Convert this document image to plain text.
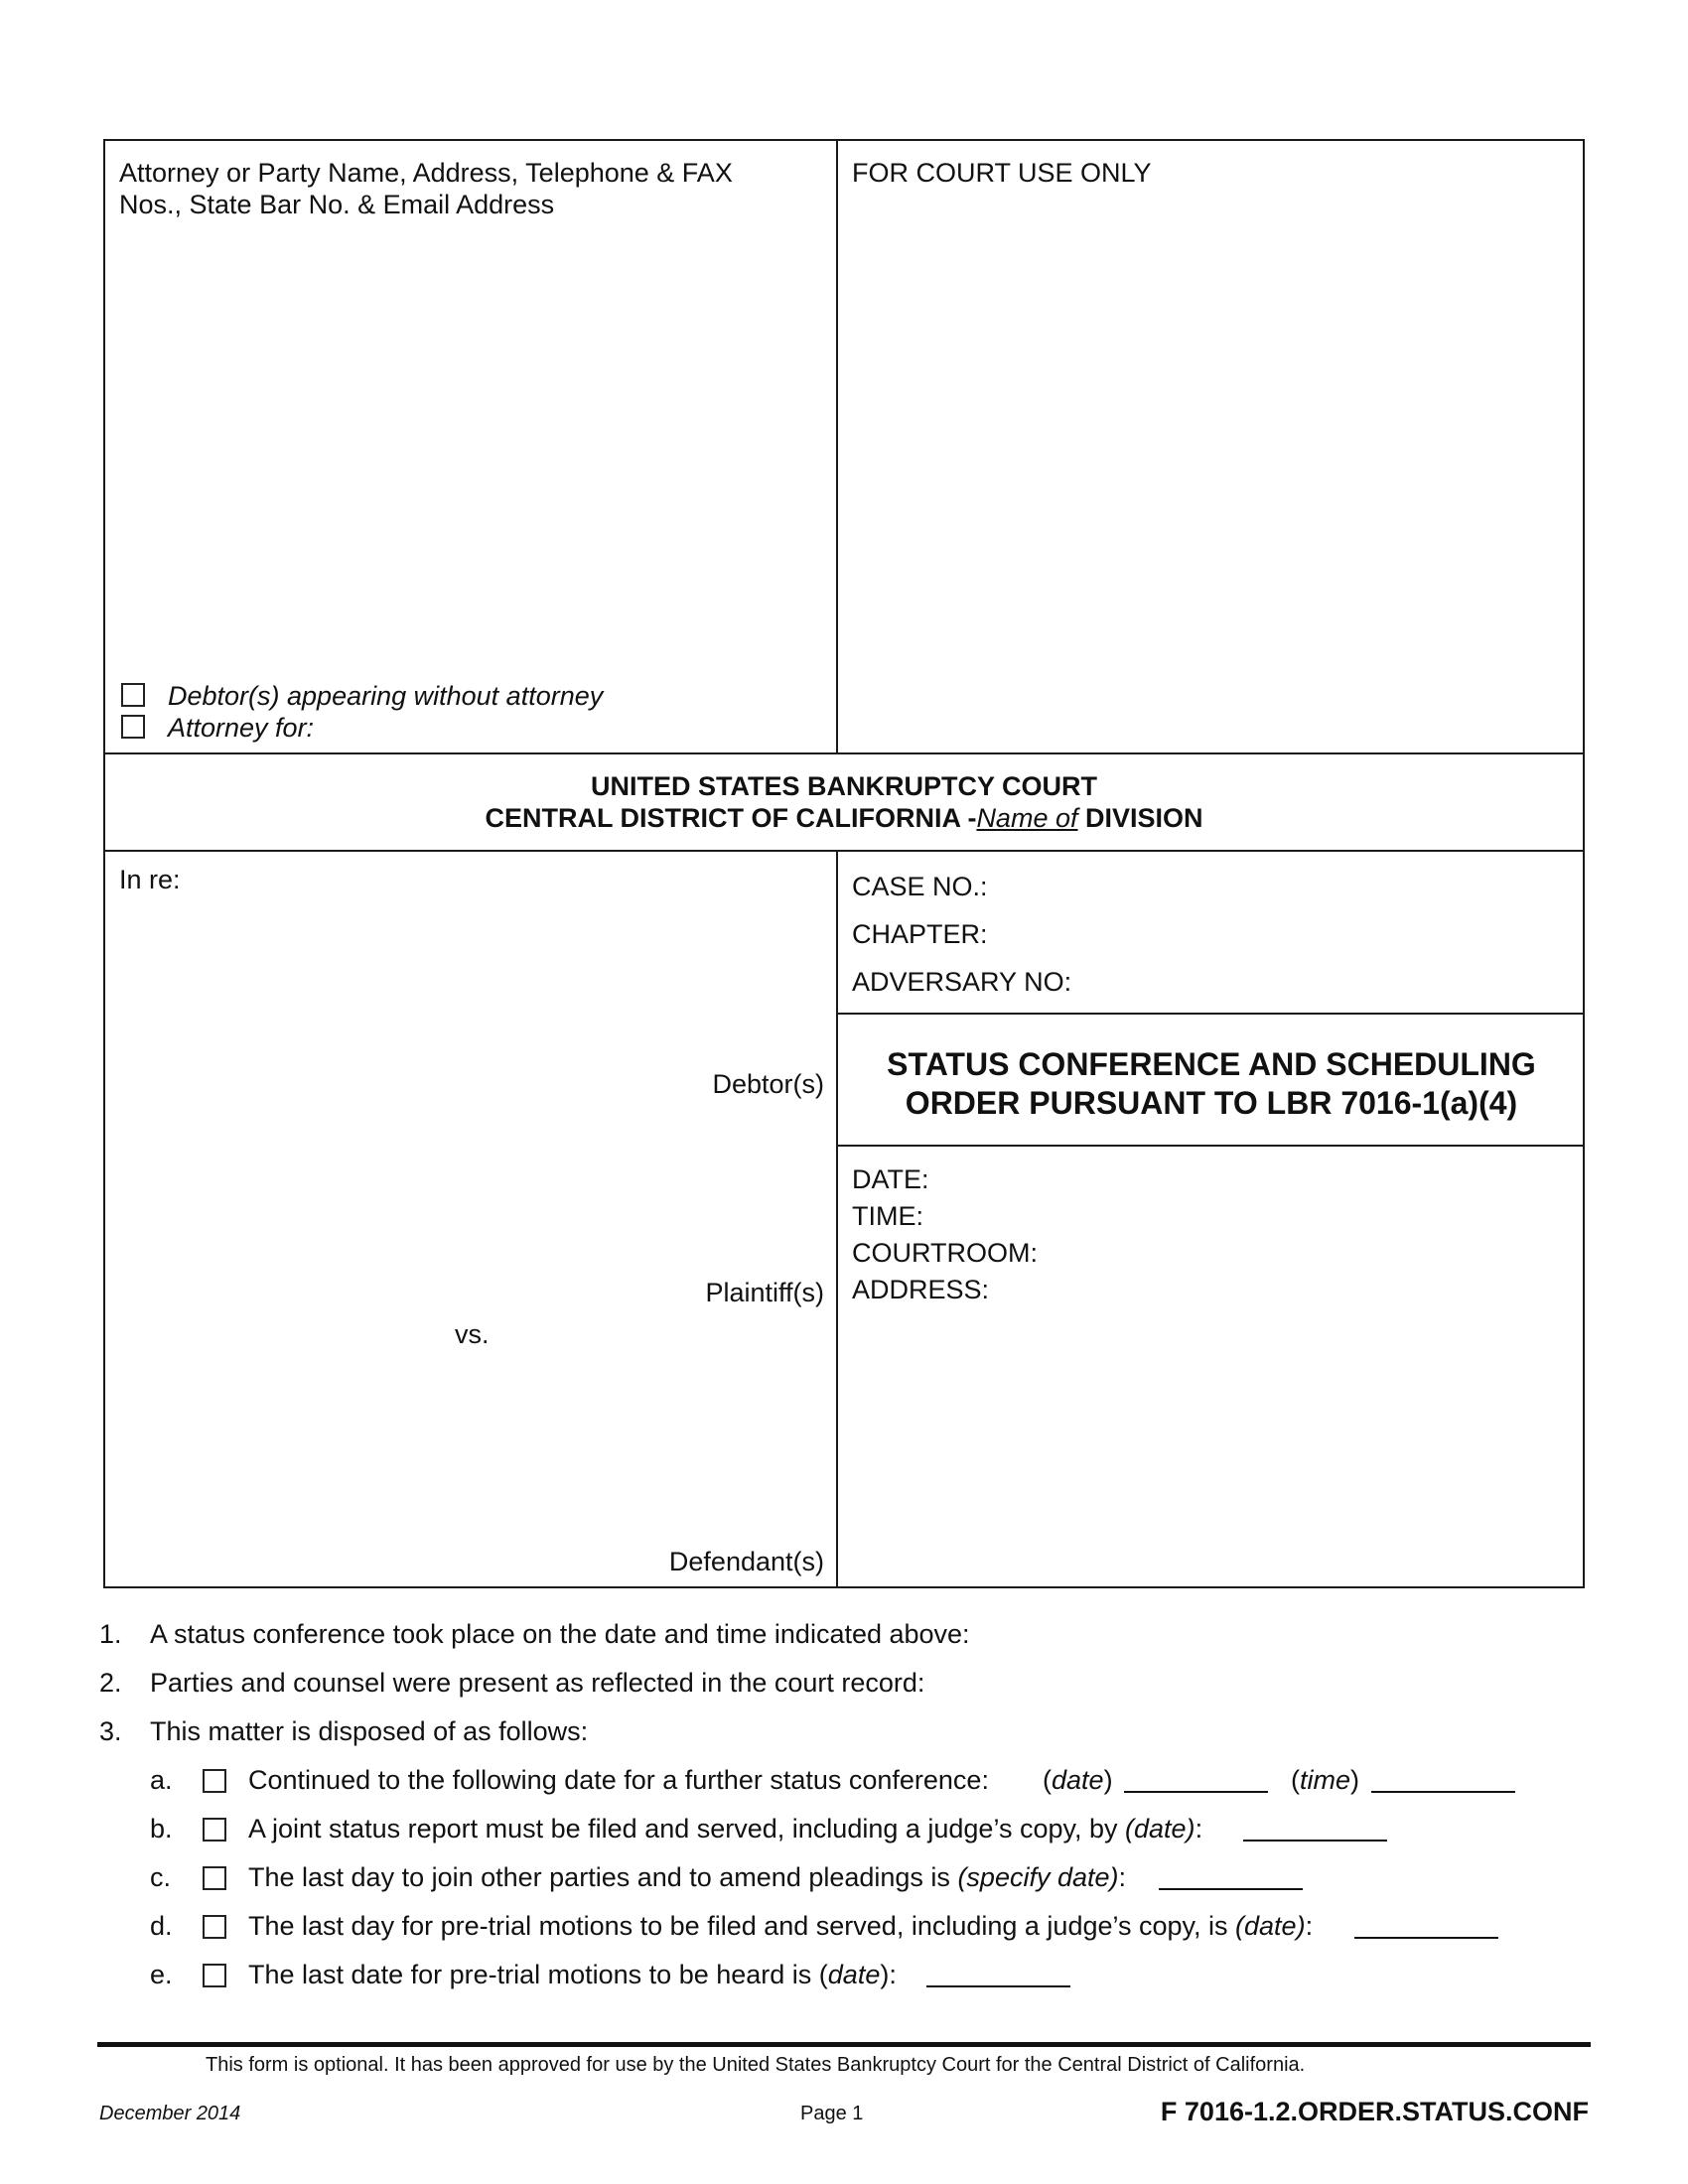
Attorney or Party Name, Address, Telephone & FAX
Nos., State Bar No. & Email Address
FOR COURT USE ONLY
Debtor(s) appearing without attorney
Attorney for:
UNITED STATES BANKRUPTCY COURT
CENTRAL DISTRICT OF CALIFORNIA -Name of DIVISION
In re:
Debtor(s)
Plaintiff(s)
vs.
Defendant(s)
CASE NO.:
CHAPTER:
ADVERSARY NO:
STATUS CONFERENCE AND SCHEDULING
ORDER PURSUANT TO LBR 7016-1(a)(4)
DATE:
TIME:
COURTROOM:
ADDRESS:
1. A status conference took place on the date and time indicated above:
2. Parties and counsel were present as reflected in the court record:
3. This matter is disposed of as follows:
a.	Continued to the following date for a further status conference: (date)	(time)
b.	A joint status report must be filed and served, including a judge’s copy, by (date):
c.	The last day to join other parties and to amend pleadings is (specify date):
d.	The last day for pre-trial motions to be filed and served, including a judge’s copy, is (date):
e.	The last date for pre-trial motions to be heard is (date):
This form is optional. It has been approved for use by the United States Bankruptcy Court for the Central District of California.
December 2014	Page 1	F 7016-1.2.ORDER.STATUS.CONF
